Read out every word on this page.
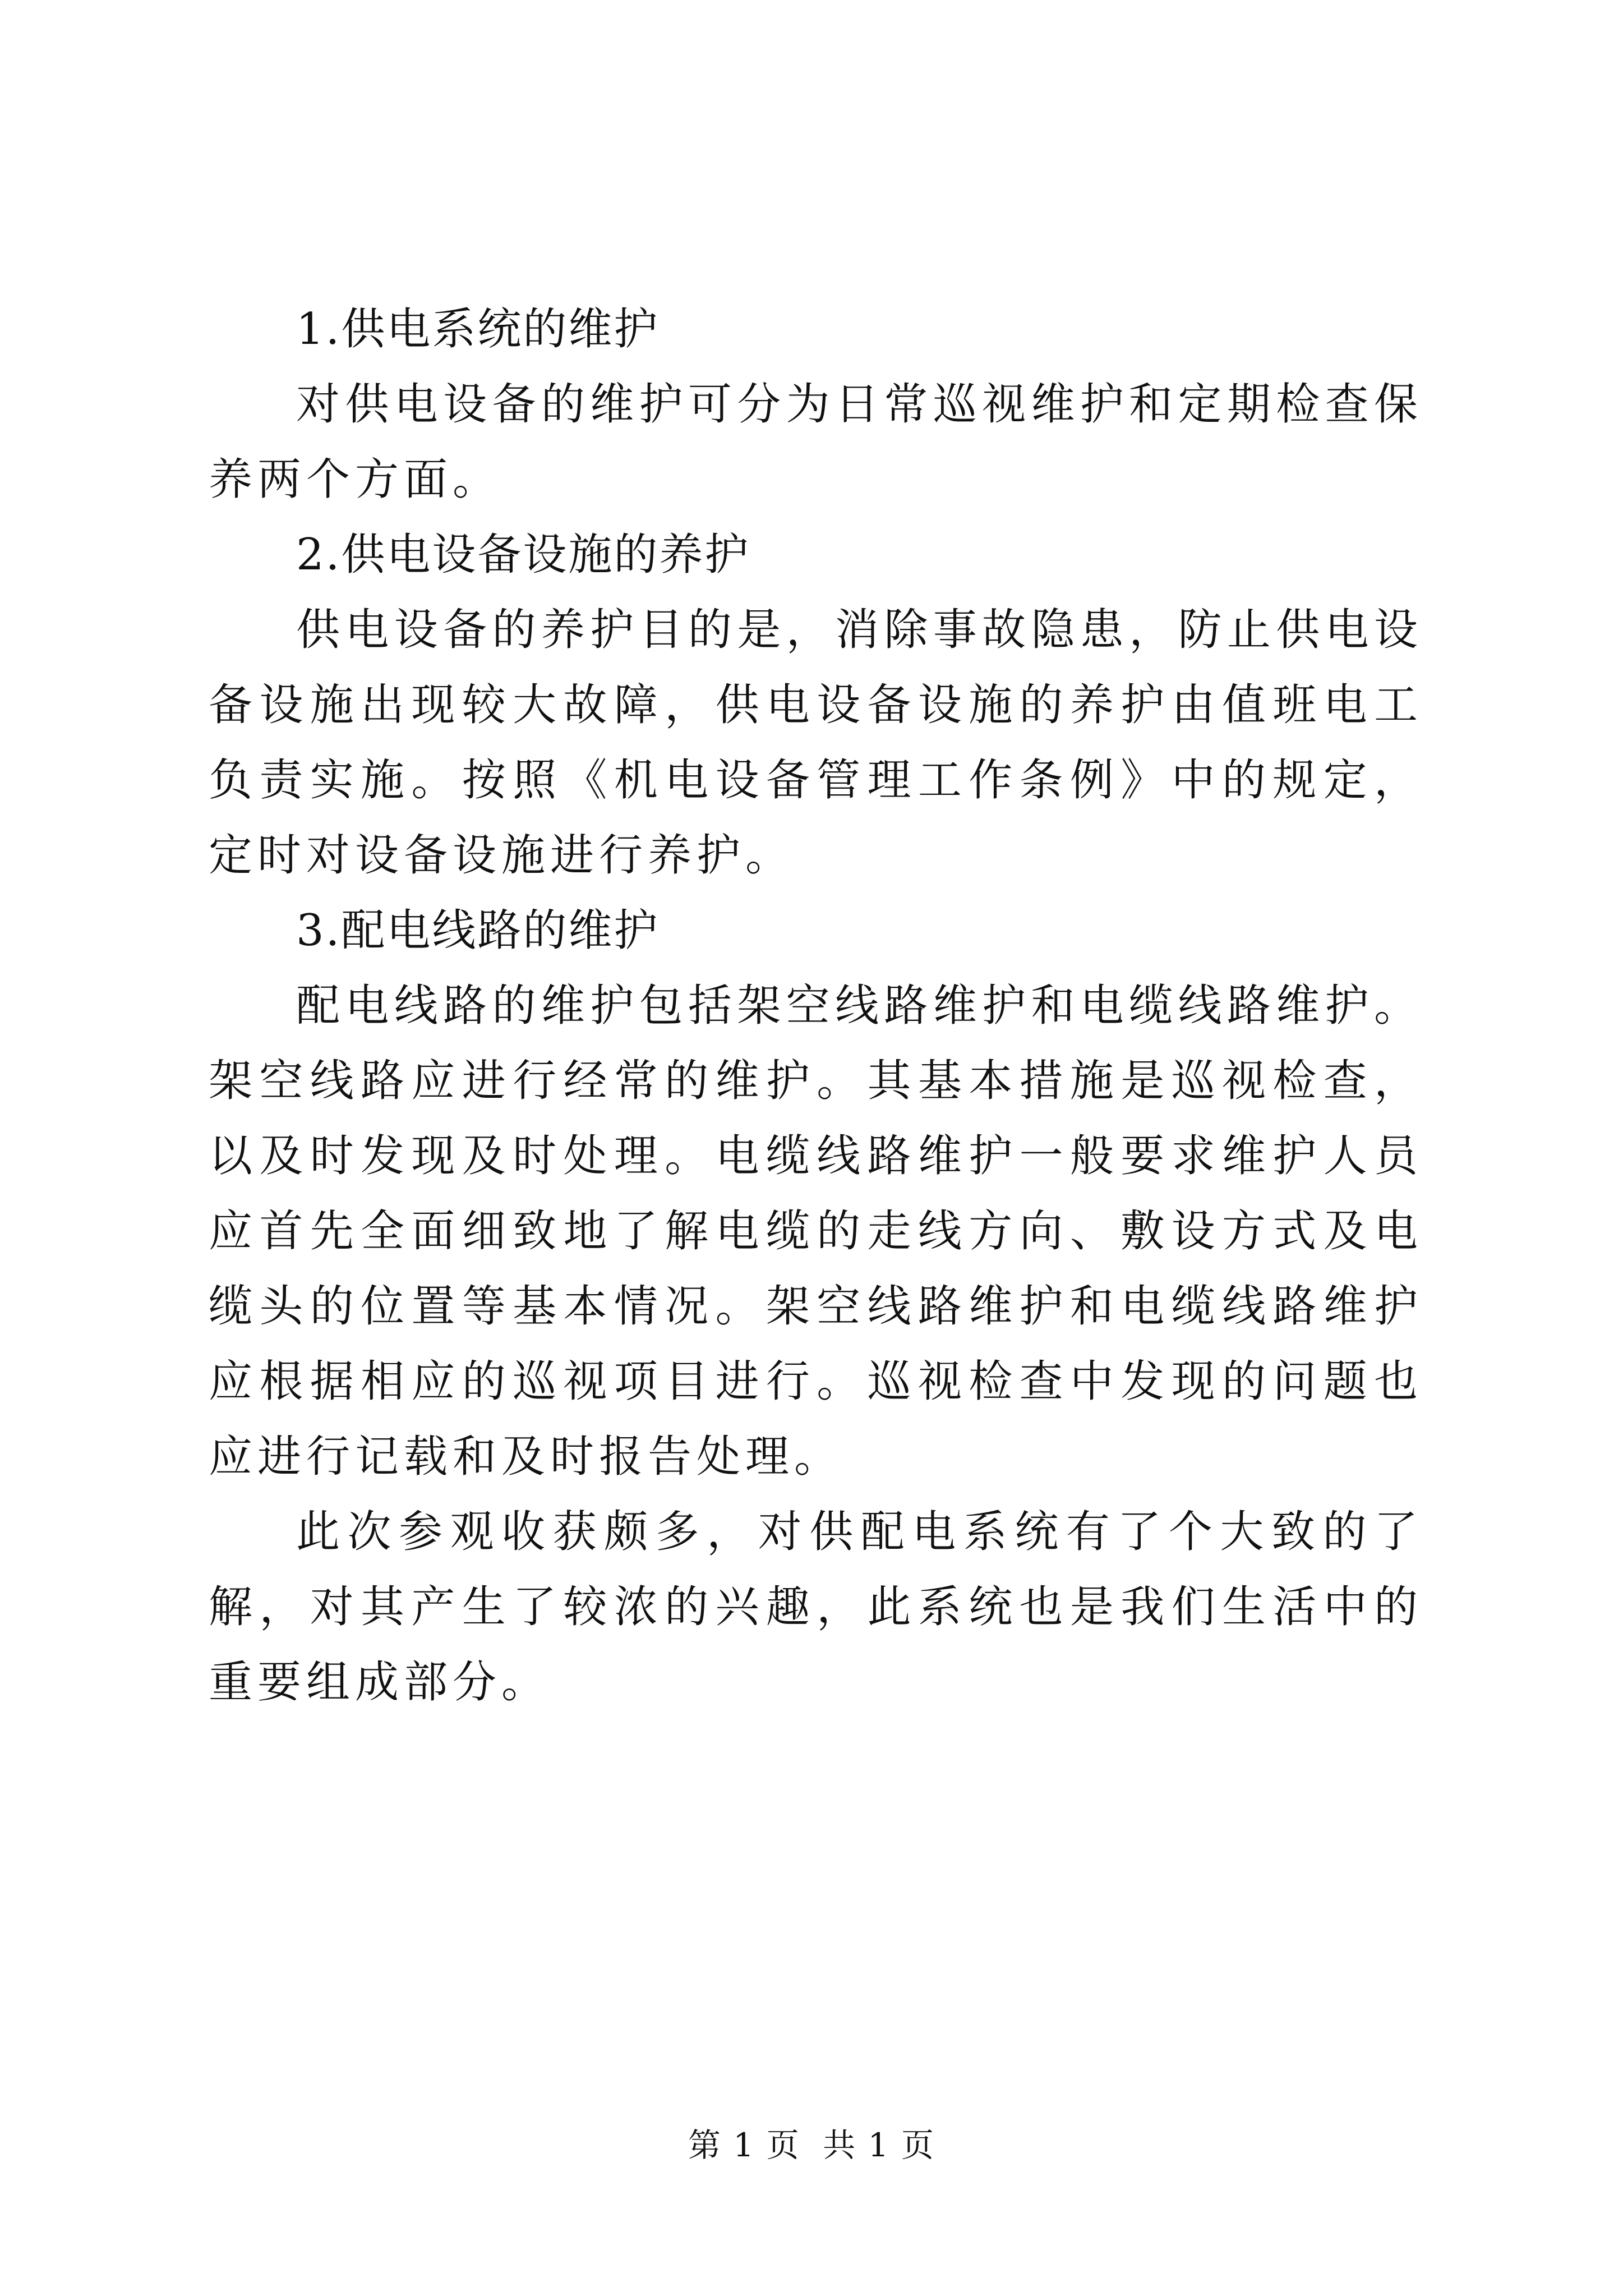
1.供电系统的维护

对供电设备的维护可分为日常巡视维护和定期检查保养两个方面。

2.供电设备设施的养护

供电设备的养护目的是，消除事故隐患，防止供电设备设施出现较大故障，供电设备设施的养护由值班电工负责实施。按照《机电设备管理工作条例》中的规定，定时对设备设施进行养护。

3.配电线路的维护

配电线路的维护包括架空线路维护和电缆线路维护。架空线路应进行经常的维护。其基本措施是巡视检查，以及时发现及时处理。电缆线路维护一般要求维护人员应首先全面细致地了解电缆的走线方向、敷设方式及电缆头的位置等基本情况。架空线路维护和电缆线路维护应根据相应的巡视项目进行。巡视检查中发现的问题也应进行记载和及时报告处理。

此次参观收获颇多，对供配电系统有了个大致的了解，对其产生了较浓的兴趣，此系统也是我们生活中的重要组成部分。

第 1 页 共 1 页
